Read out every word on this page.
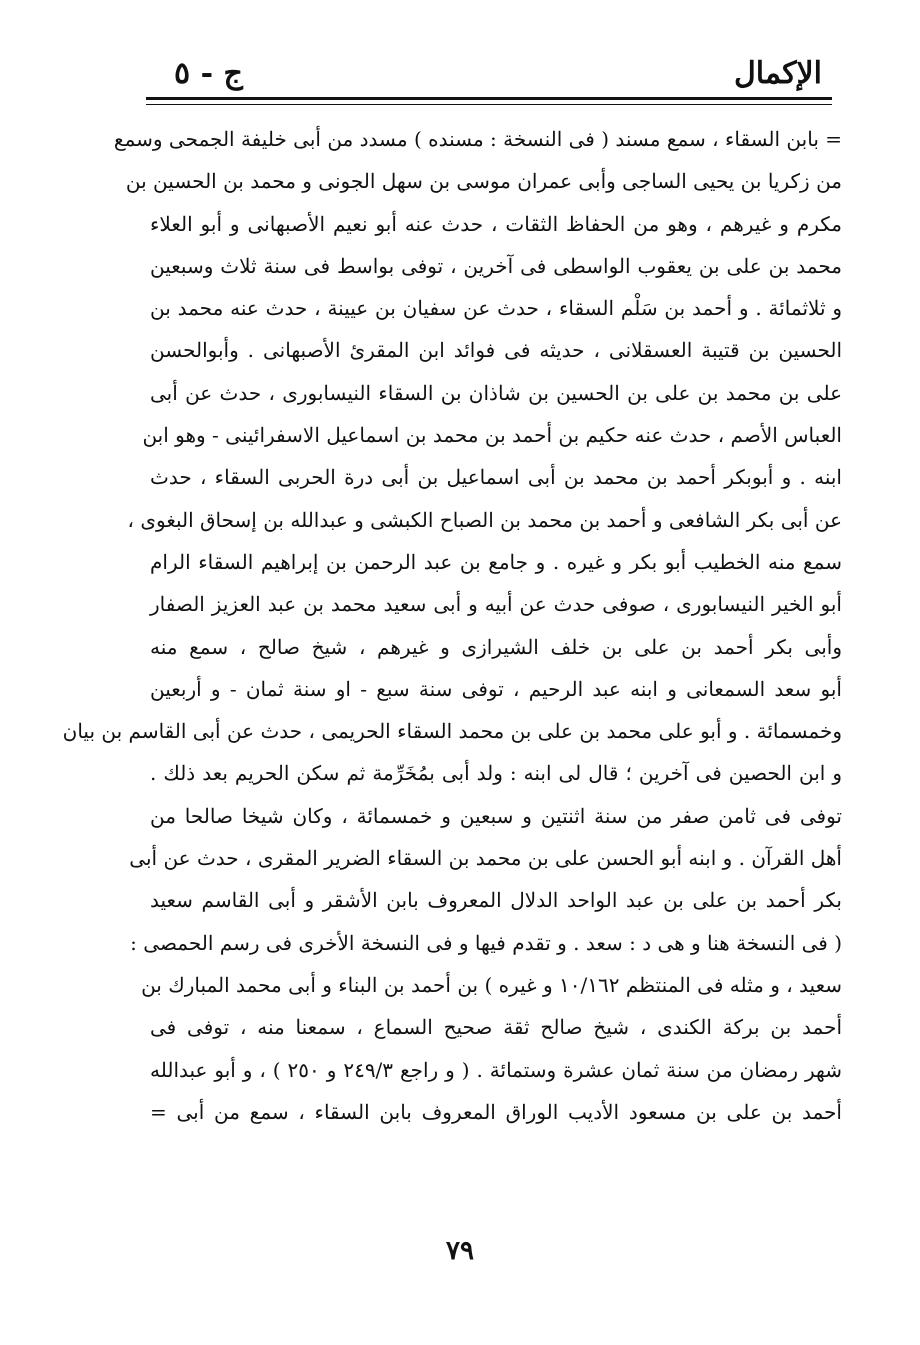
الإكمال
ج - ٥
= بابن السقاء ، سمع مسند ( فى النسخة : مسنده ) مسدد من أبى خليفة الجمحى وسمع
من زكريا بن يحيى الساجى وأبى عمران موسى بن سهل الجونى و محمد بن الحسين بن
مكرم و غيرهم ، وهو من الحفاظ الثقات ، حدث عنه أبو نعيم الأصبهانى و أبو العلاء
محمد بن على بن يعقوب الواسطى فى آخرين ، توفى بواسط فى سنة ثلاث وسبعين
و ثلاثمائة . و أحمد بن سَلْم السقاء ، حدث عن سفيان بن عيينة ، حدث عنه محمد بن
الحسين بن قتيبة العسقلانى ، حديثه فى فوائد ابن المقرئ الأصبهانى . وأبوالحسن
على بن محمد بن على بن الحسين بن شاذان بن السقاء النيسابورى ، حدث عن أبى
العباس الأصم ، حدث عنه حكيم بن أحمد بن محمد بن اسماعيل الاسفرائينى - وهو ابن
ابنه . و أبوبكر أحمد بن محمد بن أبى اسماعيل بن أبى درة الحربى السقاء ، حدث
عن أبى بكر الشافعى و أحمد بن محمد بن الصباح الكبشى و عبدالله بن إسحاق البغوى ،
سمع منه الخطيب أبو بكر و غيره . و جامع بن عبد الرحمن بن إبراهيم السقاء الرام
أبو الخير النيسابورى ، صوفى حدث عن أبيه و أبى سعيد محمد بن عبد العزيز الصفار
وأبى بكر أحمد بن على بن خلف الشيرازى و غيرهم ، شيخ صالح ، سمع منه
أبو سعد السمعانى و ابنه عبد الرحيم ، توفى سنة سبع - او سنة ثمان - و أربعين
وخمسمائة . و أبو على محمد بن على بن محمد السقاء الحريمى ، حدث عن أبى القاسم بن بيان
و ابن الحصين فى آخرين ؛ قال لى ابنه : ولد أبى بمُخَرِّمة ثم سكن الحريم بعد ذلك .
توفى فى ثامن صفر من سنة اثنتين و سبعين و خمسمائة ، وكان شيخا صالحا من
أهل القرآن . و ابنه أبو الحسن على بن محمد بن السقاء الضرير المقرى ، حدث عن أبى
بكر أحمد بن على بن عبد الواحد الدلال المعروف بابن الأشقر و أبى القاسم سعيد
( فى النسخة هنا و هى د : سعد . و تقدم فيها و فى النسخة الأخرى فى رسم الحمصى :
سعيد ، و مثله فى المنتظم ١٠/١٦٢ و غيره ) بن أحمد بن البناء و أبى محمد المبارك بن
أحمد بن بركة الكندى ، شيخ صالح ثقة صحيح السماع ، سمعنا منه ، توفى فى
شهر رمضان من سنة ثمان عشرة وستمائة . ( و راجع ٢٤٩/٣ و ٢٥٠ ) ، و أبو عبدالله
أحمد بن على بن مسعود الأديب الوراق المعروف بابن السقاء ، سمع من أبى =
٧٩
